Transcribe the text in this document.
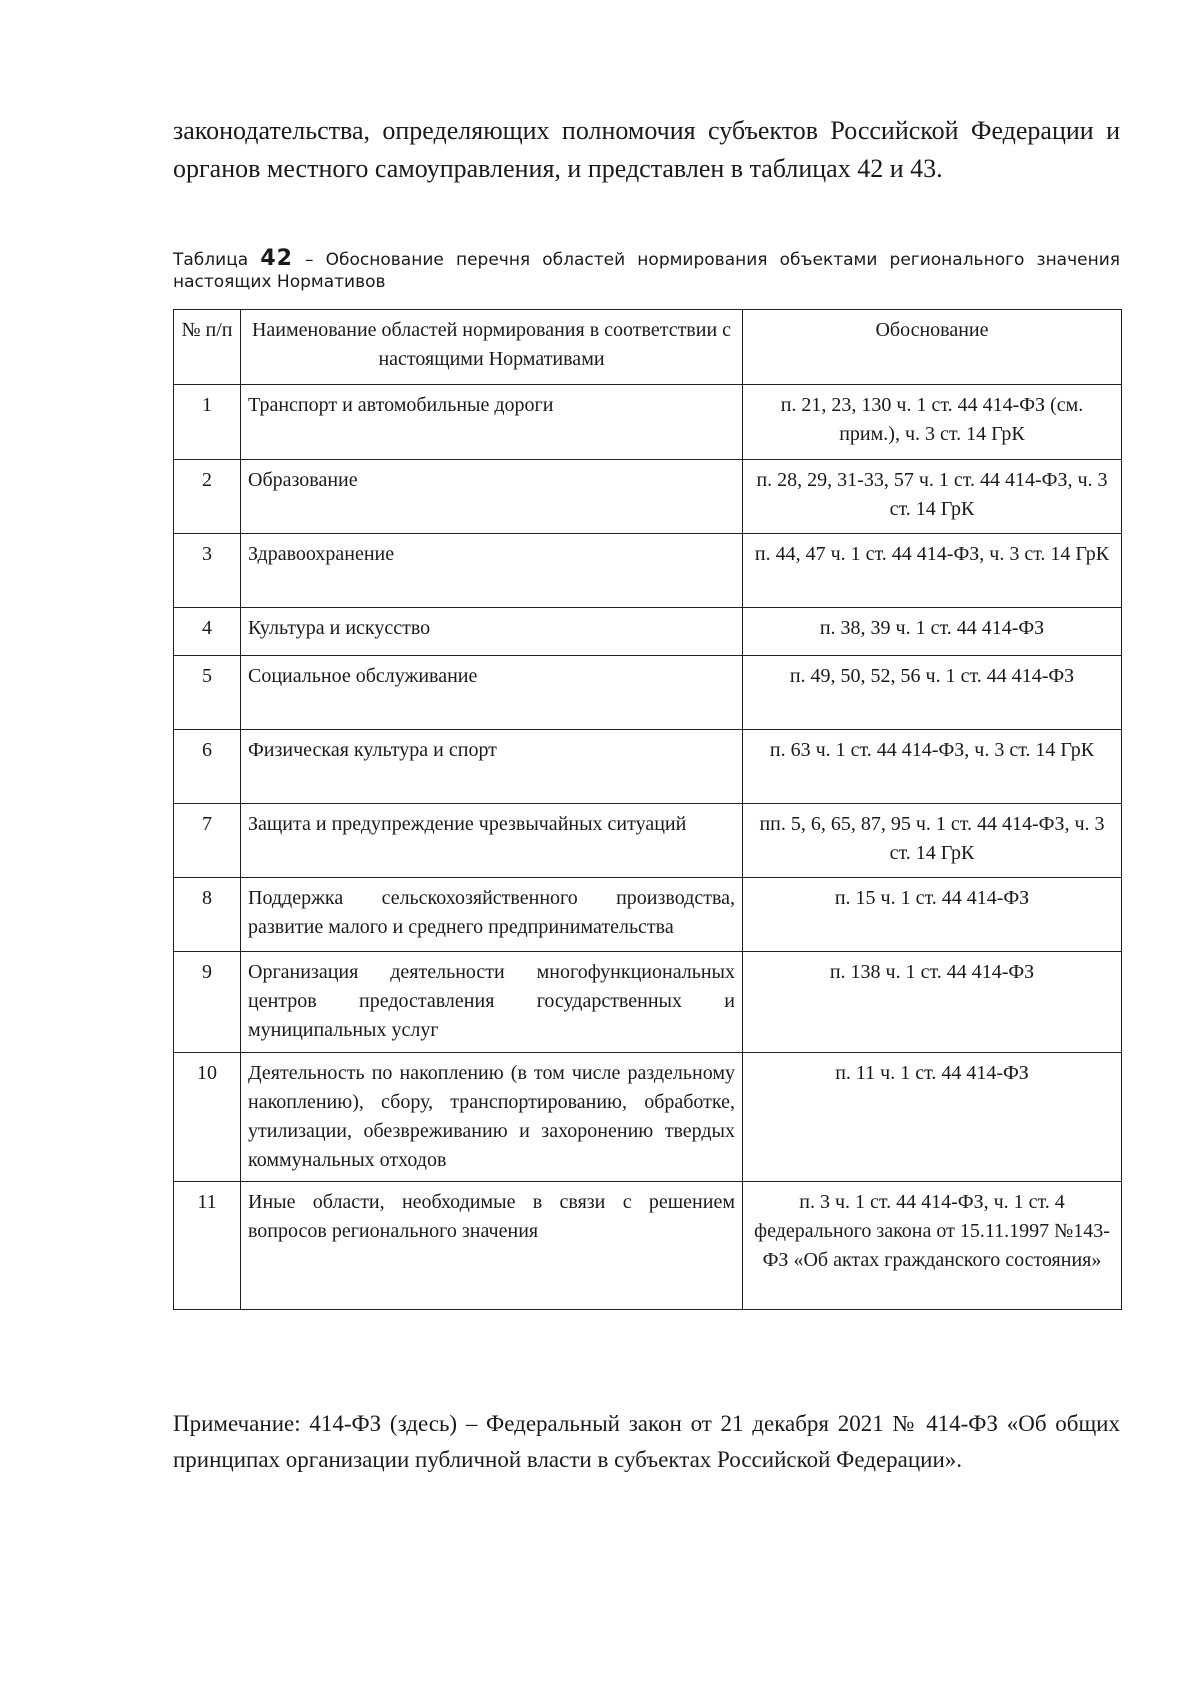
законодательства, определяющих полномочия субъектов Российской Федерации и органов местного самоуправления, и представлен в таблицах 42 и 43.

Таблица 42 – Обоснование перечня областей нормирования объектами регионального значения настоящих Нормативов

№ п/п	Наименование областей нормирования в соответствии с настоящими Нормативами	Обоснование
1	Транспорт и автомобильные дороги	п. 21, 23, 130 ч. 1 ст. 44 414-ФЗ (см. прим.), ч. 3 ст. 14 ГрК
2	Образование	п. 28, 29, 31-33, 57 ч. 1 ст. 44 414-ФЗ, ч. 3 ст. 14 ГрК
3	Здравоохранение	п. 44, 47 ч. 1 ст. 44 414-ФЗ, ч. 3 ст. 14 ГрК
4	Культура и искусство	п. 38, 39 ч. 1 ст. 44 414-ФЗ
5	Социальное обслуживание	п. 49, 50, 52, 56 ч. 1 ст. 44 414-ФЗ
6	Физическая культура и спорт	п. 63 ч. 1 ст. 44 414-ФЗ, ч. 3 ст. 14 ГрК
7	Защита и предупреждение чрезвычайных ситуаций	пп. 5, 6, 65, 87, 95 ч. 1 ст. 44 414-ФЗ, ч. 3 ст. 14 ГрК
8	Поддержка сельскохозяйственного производства, развитие малого и среднего предпринимательства	п. 15 ч. 1 ст. 44 414-ФЗ
9	Организация деятельности многофункциональных центров предоставления государственных и муниципальных услуг	п. 138 ч. 1 ст. 44 414-ФЗ
10	Деятельность по накоплению (в том числе раздельному накоплению), сбору, транспортированию, обработке, утилизации, обезвреживанию и захоронению твердых коммунальных отходов	п. 11 ч. 1 ст. 44 414-ФЗ
11	Иные области, необходимые в связи с решением вопросов регионального значения	п. 3 ч. 1 ст. 44 414-ФЗ, ч. 1 ст. 4 федерального закона от 15.11.1997 №143-ФЗ «Об актах гражданского состояния»

Примечание: 414-ФЗ (здесь) – Федеральный закон от 21 декабря 2021 № 414-ФЗ «Об общих принципах организации публичной власти в субъектах Российской Федерации».
